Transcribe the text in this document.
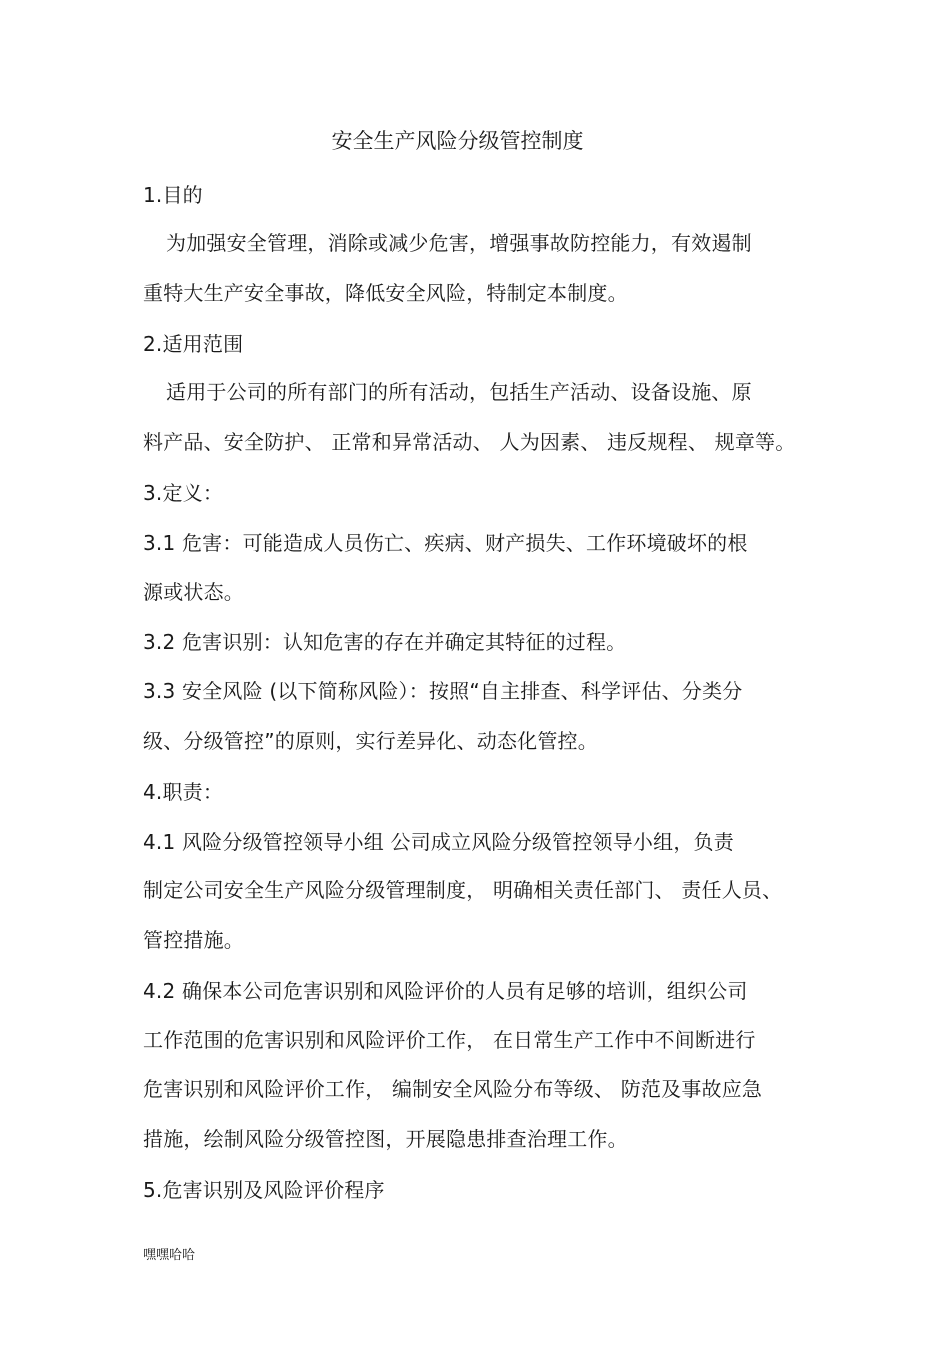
安全生产风险分级管控制度
1.目的
为加强安全管理，消除或减少危害，增强事故防控能力，有效遏制
重特大生产安全事故，降低安全风险，特制定本制度。
2.适用范围
适用于公司的所有部门的所有活动，包括生产活动、设备设施、原
料产品、安全防护、 正常和异常活动、 人为因素、 违反规程、 规章等。
3.定义：
3.1 危害：可能造成人员伤亡、疾病、财产损失、工作环境破坏的根
源或状态。
3.2 危害识别：认知危害的存在并确定其特征的过程。
3.3 安全风险 (以下简称风险）：按照“自主排查、科学评估、分类分
级、分级管控”的原则，实行差异化、动态化管控。
4.职责：
4.1 风险分级管控领导小组 公司成立风险分级管控领导小组，负责
制定公司安全生产风险分级管理制度， 明确相关责任部门、 责任人员、
管控措施。
4.2 确保本公司危害识别和风险评价的人员有足够的培训，组织公司
工作范围的危害识别和风险评价工作， 在日常生产工作中不间断进行
危害识别和风险评价工作， 编制安全风险分布等级、 防范及事故应急
措施，绘制风险分级管控图，开展隐患排查治理工作。
5.危害识别及风险评价程序
嘿嘿哈哈
